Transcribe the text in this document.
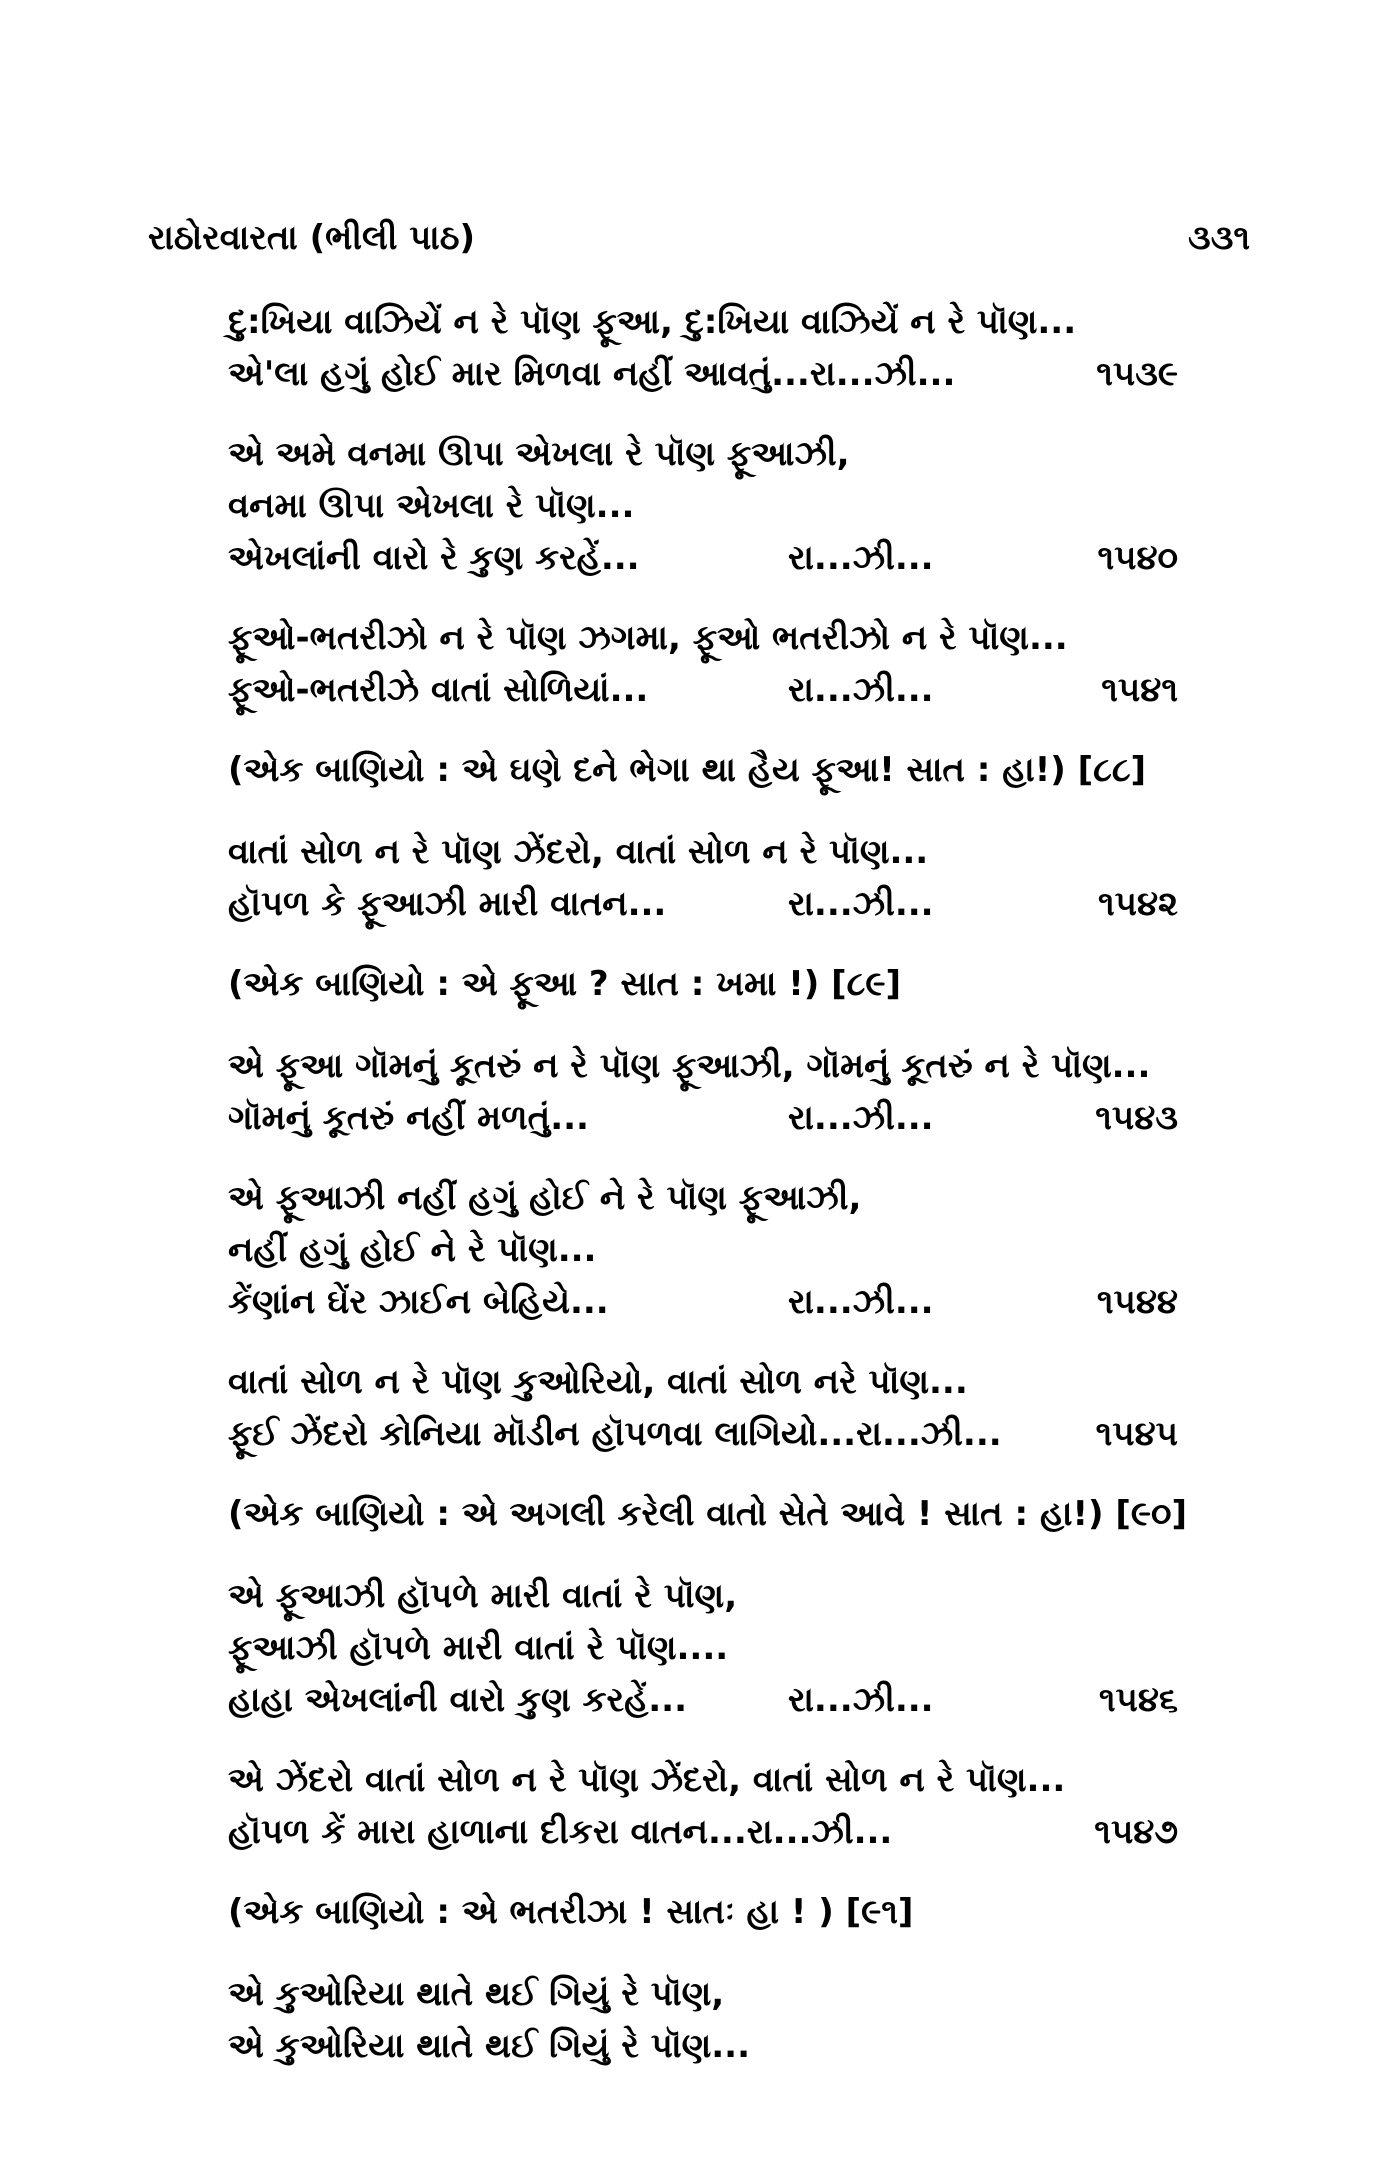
રાઠોરવારતા (ભીલી પાઠ)	૩૩૧
દુ:ખિયા વાઝિયેં ન રે પૉણ ફૂઆ, દુ:ખિયા વાઝિયેં ન રે પૉણ...
એ'લા હગું હોઈ માર મિળવા નહીં આવતું...રા...ઝી...	૧૫૩૯
એ અમે વનમા ઊપા એખલા રે પૉણ ફૂઆઝી,
વનમા ઊપા એખલા રે પૉણ...
એખલાંની વારો રે કુણ કરહેં...	રા...ઝી...	૧૫૪૦
ફૂઓ-ભતરીઝો ન રે પૉણ ઝગમા, ફૂઓ ભતરીઝો ન રે પૉણ...
ફૂઓ-ભતરીઝે વાતાં સોળિયાં...	રા...ઝી...	૧૫૪૧
(એક બાણિયો : એ ઘણે દને ભેગા થા હૈય ફૂઆ! સાત : હા!) [૮૮]
વાતાં સોળ ન રે પૉણ ઝેંદરો, વાતાં સોળ ન રે પૉણ...
હૉપળ કે ફૂઆઝી મારી વાતન...	રા...ઝી...	૧૫૪૨
(એક બાણિયો : એ ફૂઆ ? સાત : ખમા !) [૮૯]
એ ફૂઆ ગૉમનું કૂતરું ન રે પૉણ ફૂઆઝી, ગૉમનું કૂતરું ન રે પૉણ...
ગૉમનું કૂતરું નહીં મળતું...	રા...ઝી...	૧૫૪૩
એ ફૂઆઝી નહીં હગું હોઈ ને રે પૉણ ફૂઆઝી,
નહીં હગું હોઈ ને રે પૉણ...
કેંણાંન ઘેંર ઝાઈન બેહિયે...	રા...ઝી...	૧૫૪૪
વાતાં સોળ ન રે પૉણ કુઓરિયો, વાતાં સોળ નરે પૉણ...
ફૂઈ ઝેંદરો કોનિયા મૉડીન હૉપળવા લાગિયો...રા...ઝી...	૧૫૪૫
(એક બાણિયો : એ અગલી કરેલી વાતો સેતે આવે ! સાત : હા!) [૯૦]
એ ફૂઆઝી હૉપળે મારી વાતાં રે પૉણ,
ફૂઆઝી હૉપળે મારી વાતાં રે પૉણ....
હાહા એખલાંની વારો કુણ કરહેં...	રા...ઝી...	૧૫૪૬
એ ઝેંદરો વાતાં સોળ ન રે પૉણ ઝેંદરો, વાતાં સોળ ન રે પૉણ...
હૉપળ કેં મારા હાળાના દીકરા વાતન...રા...ઝી...	૧૫૪૭
(એક બાણિયો : એ ભતરીઝા ! સાતઃ હા ! ) [૯૧]
એ કુઓરિયા થાતે થઈ ગિયું રે પૉણ,
એ કુઓરિયા થાતે થઈ ગિયું રે પૉણ...
